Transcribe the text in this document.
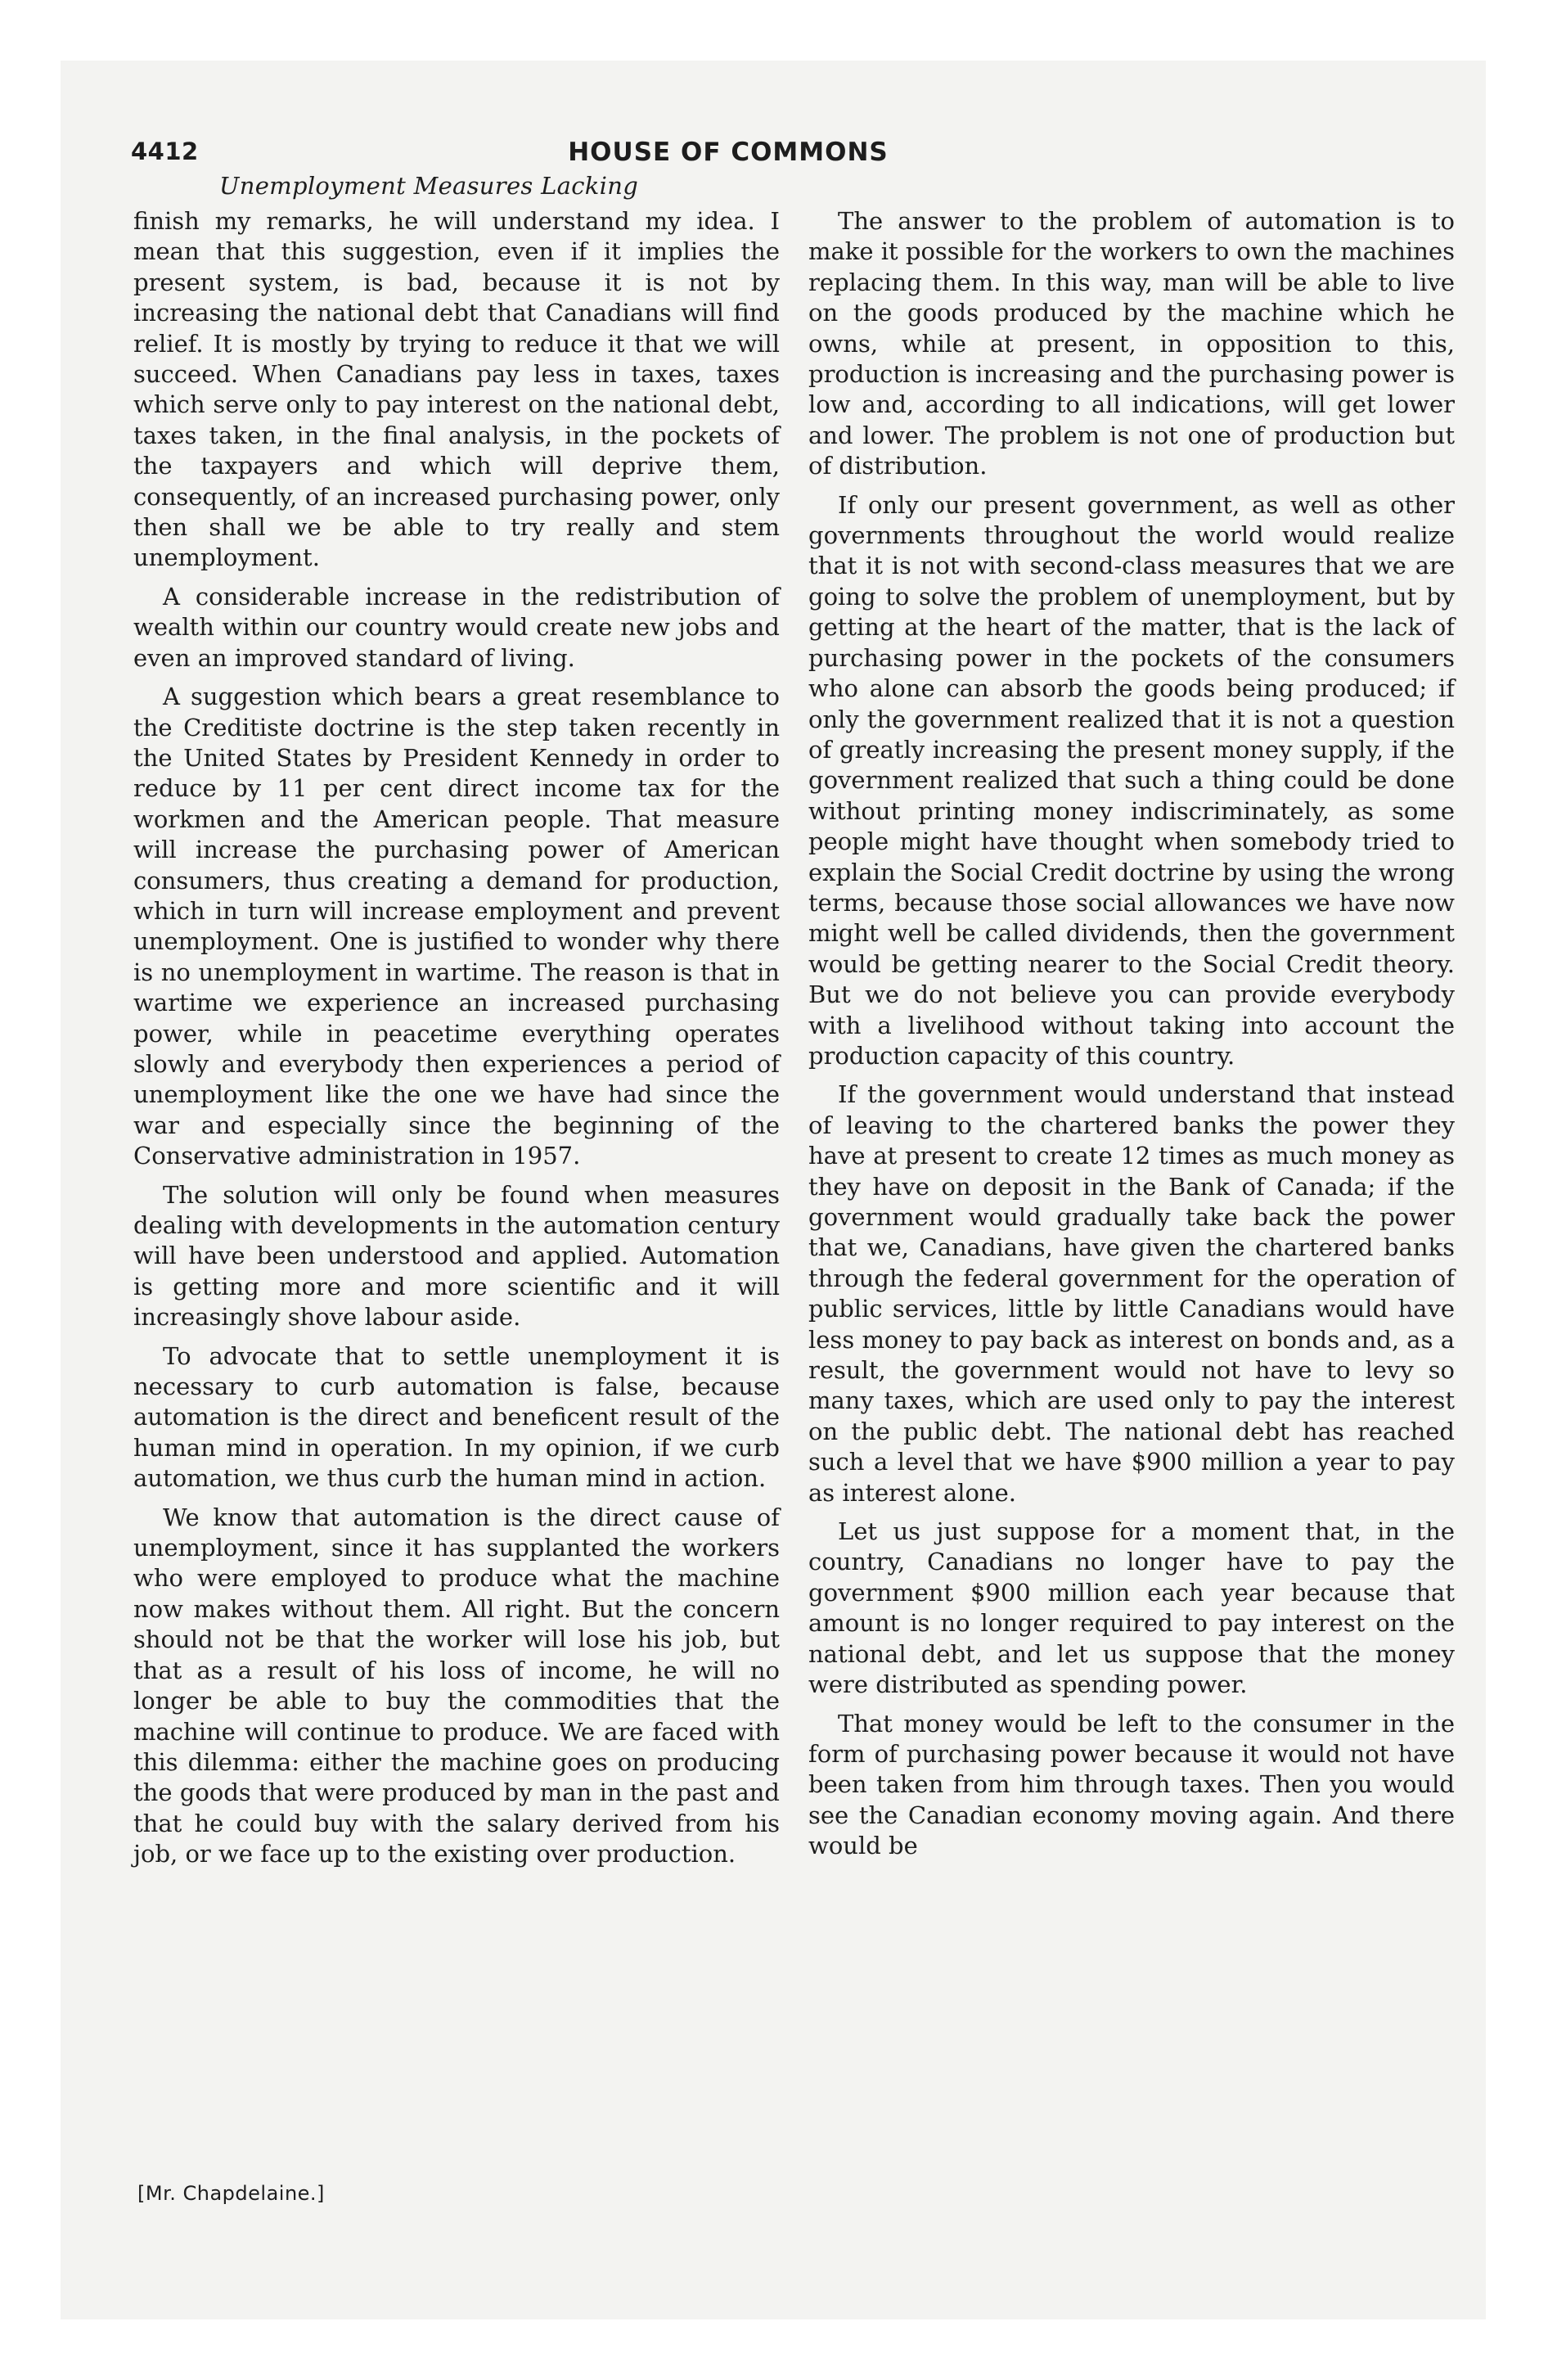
4412	HOUSE OF COMMONS
Unemployment Measures Lacking

finish my remarks, he will understand my idea. I mean that this suggestion, even if it implies the present system, is bad, because it is not by increasing the national debt that Canadians will find relief. It is mostly by trying to reduce it that we will succeed. When Canadians pay less in taxes, taxes which serve only to pay interest on the national debt, taxes taken, in the final analysis, in the pockets of the taxpayers and which will deprive them, consequently, of an increased purchasing power, only then shall we be able to try really and stem unemployment.

A considerable increase in the redistribution of wealth within our country would create new jobs and even an improved standard of living.

A suggestion which bears a great resemblance to the Creditiste doctrine is the step taken recently in the United States by President Kennedy in order to reduce by 11 per cent direct income tax for the workmen and the American people. That measure will increase the purchasing power of American consumers, thus creating a demand for production, which in turn will increase employment and prevent unemployment. One is justified to wonder why there is no unemployment in wartime. The reason is that in wartime we experience an increased purchasing power, while in peacetime everything operates slowly and everybody then experiences a period of unemployment like the one we have had since the war and especially since the beginning of the Conservative administration in 1957.

The solution will only be found when measures dealing with developments in the automation century will have been understood and applied. Automation is getting more and more scientific and it will increasingly shove labour aside.

To advocate that to settle unemployment it is necessary to curb automation is false, because automation is the direct and beneficent result of the human mind in operation. In my opinion, if we curb automation, we thus curb the human mind in action.

We know that automation is the direct cause of unemployment, since it has supplanted the workers who were employed to produce what the machine now makes without them. All right. But the concern should not be that the worker will lose his job, but that as a result of his loss of income, he will no longer be able to buy the commodities that the machine will continue to produce. We are faced with this dilemma: either the machine goes on producing the goods that were produced by man in the past and that he could buy with the salary derived from his job, or we face up to the existing over production.

The answer to the problem of automation is to make it possible for the workers to own the machines replacing them. In this way, man will be able to live on the goods produced by the machine which he owns, while at present, in opposition to this, production is increasing and the purchasing power is low and, according to all indications, will get lower and lower. The problem is not one of production but of distribution.

If only our present government, as well as other governments throughout the world would realize that it is not with second-class measures that we are going to solve the problem of unemployment, but by getting at the heart of the matter, that is the lack of purchasing power in the pockets of the consumers who alone can absorb the goods being produced; if only the government realized that it is not a question of greatly increasing the present money supply, if the government realized that such a thing could be done without printing money indiscriminately, as some people might have thought when somebody tried to explain the Social Credit doctrine by using the wrong terms, because those social allowances we have now might well be called dividends, then the government would be getting nearer to the Social Credit theory. But we do not believe you can provide everybody with a livelihood without taking into account the production capacity of this country.

If the government would understand that instead of leaving to the chartered banks the power they have at present to create 12 times as much money as they have on deposit in the Bank of Canada; if the government would gradually take back the power that we, Canadians, have given the chartered banks through the federal government for the operation of public services, little by little Canadians would have less money to pay back as interest on bonds and, as a result, the government would not have to levy so many taxes, which are used only to pay the interest on the public debt. The national debt has reached such a level that we have $900 million a year to pay as interest alone.

Let us just suppose for a moment that, in the country, Canadians no longer have to pay the government $900 million each year because that amount is no longer required to pay interest on the national debt, and let us suppose that the money were distributed as spending power.

That money would be left to the consumer in the form of purchasing power because it would not have been taken from him through taxes. Then you would see the Canadian economy moving again. And there would be

[Mr. Chapdelaine.]
